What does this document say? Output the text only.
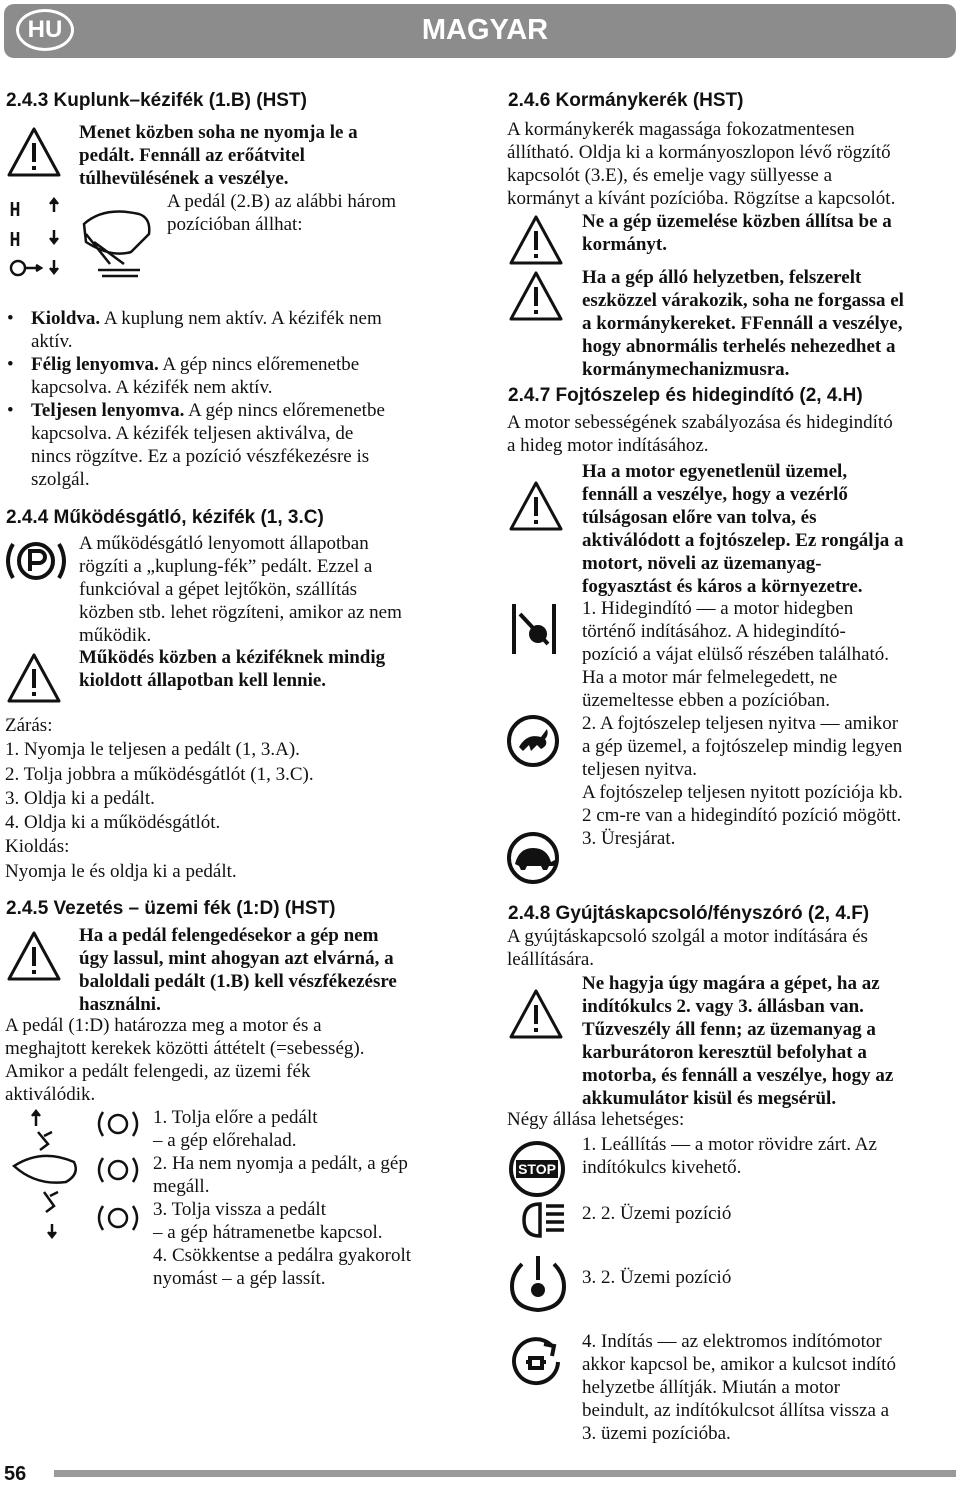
HU	MAGYAR
2.4.3 Kuplunk–kézifék (1.B) (HST)
Menet közben soha ne nyomja le a
pedált. Fennáll az erőátvitel
túlhevülésének a veszélye.
A pedál (2.B) az alábbi három
pozícióban állhat:
• Kioldva. A kuplung nem aktív. A kézifék nem
aktív.
• Félig lenyomva. A gép nincs előremenetbe
kapcsolva. A kézifék nem aktív.
• Teljesen lenyomva. A gép nincs előremenetbe
kapcsolva. A kézifék teljesen aktiválva, de
nincs rögzítve. Ez a pozíció vészfékezésre is
szolgál.
2.4.4 Működésgátló, kézifék (1, 3.C)
A működésgátló lenyomott állapotban
rögzíti a „kuplung-fék” pedált. Ezzel a
funkcióval a gépet lejtőkön, szállítás
közben stb. lehet rögzíteni, amikor az nem
működik.
Működés közben a kéziféknek mindig
kioldott állapotban kell lennie.
Zárás:
1. Nyomja le teljesen a pedált (1, 3.A).
2. Tolja jobbra a működésgátlót (1, 3.C).
3. Oldja ki a pedált.
4. Oldja ki a működésgátlót.
Kioldás:
Nyomja le és oldja ki a pedált.
2.4.5 Vezetés – üzemi fék (1:D) (HST)
Ha a pedál felengedésekor a gép nem
úgy lassul, mint ahogyan azt elvárná, a
baloldali pedált (1.B) kell vészfékezésre
használni.
A pedál (1:D) határozza meg a motor és a
meghajtott kerekek közötti áttételt (=sebesség).
Amikor a pedált felengedi, az üzemi fék
aktiválódik.
1. Tolja előre a pedált
– a gép előrehalad.
2. Ha nem nyomja a pedált, a gép
megáll.
3. Tolja vissza a pedált
– a gép hátramenetbe kapcsol.
4. Csökkentse a pedálra gyakorolt
nyomást – a gép lassít.
2.4.6 Kormánykerék (HST)
A kormánykerék magassága fokozatmentesen
állítható. Oldja ki a kormányoszlopon lévő rögzítő
kapcsolót (3.E), és emelje vagy süllyesse a
kormányt a kívánt pozícióba. Rögzítse a kapcsolót.
Ne a gép üzemelése közben állítsa be a
kormányt.
Ha a gép álló helyzetben, felszerelt
eszközzel várakozik, soha ne forgassa el
a kormánykereket. FFennáll a veszélye,
hogy abnormális terhelés nehezedhet a
kormánymechanizmusra.
2.4.7 Fojtószelep és hidegindító (2, 4.H)
A motor sebességének szabályozása és hidegindító
a hideg motor indításához.
Ha a motor egyenetlenül üzemel,
fennáll a veszélye, hogy a vezérlő
túlságosan előre van tolva, és
aktiválódott a fojtószelep. Ez rongálja a
motort, növeli az üzemanyag-
fogyasztást és káros a környezetre.
1. Hidegindító — a motor hidegben
történő indításához. A hidegindító-
pozíció a vájat elülső részében található.
Ha a motor már felmelegedett, ne
üzemeltesse ebben a pozícióban.
2. A fojtószelep teljesen nyitva — amikor
a gép üzemel, a fojtószelep mindig legyen
teljesen nyitva.
A fojtószelep teljesen nyitott pozíciója kb.
2 cm-re van a hidegindító pozíció mögött.
3. Üresjárat.
2.4.8 Gyújtáskapcsoló/fényszóró (2, 4.F)
A gyújtáskapcsoló szolgál a motor indítására és
leállítására.
Ne hagyja úgy magára a gépet, ha az
indítókulcs 2. vagy 3. állásban van.
Tűzveszély áll fenn; az üzemanyag a
karburátoron keresztül befolyhat a
motorba, és fennáll a veszélye, hogy az
akkumulátor kisül és megsérül.
Négy állása lehetséges:
STOP
1. Leállítás — a motor rövidre zárt. Az
indítókulcs kivehető.
2. 2. Üzemi pozíció
3. 2. Üzemi pozíció
4. Indítás — az elektromos indítómotor
akkor kapcsol be, amikor a kulcsot indító
helyzetbe állítják. Miután a motor
beindult, az indítókulcsot állítsa vissza a
3. üzemi pozícióba.
56
